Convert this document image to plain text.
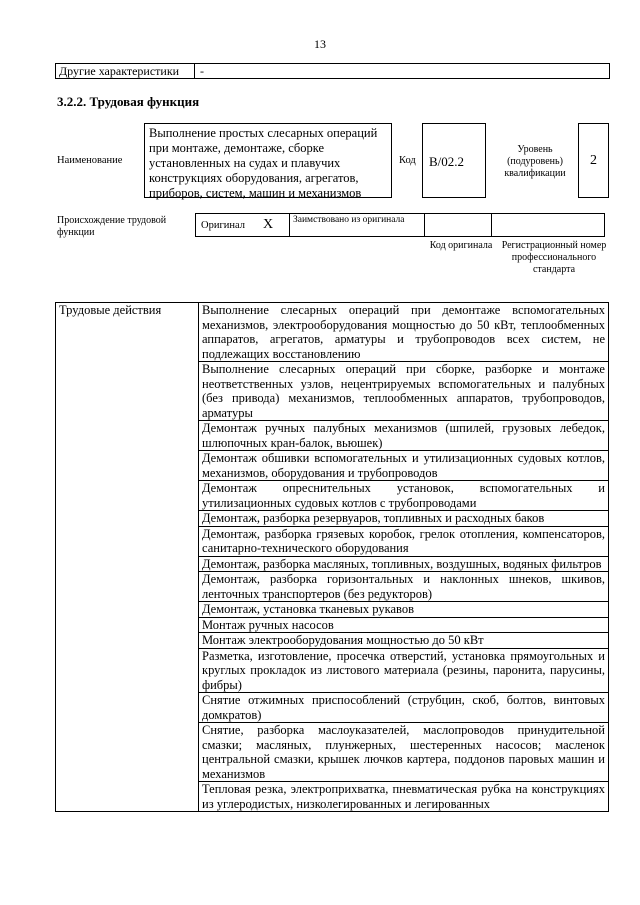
13
Другие характеристики	-
3.2.2. Трудовая функция
Наименование
Выполнение простых слесарных операций при монтаже, демонтаже, сборке установленных на судах и плавучих конструкциях оборудования, агрегатов, приборов, систем, машин и механизмов
Код	B/02.2
Уровень (подуровень) квалификации
2
Происхождение трудовой функции
Оригинал X	Заимствовано из оригинала
Код оригинала Регистрационный номер профессионального стандарта
Трудовые действия	Выполнение слесарных операций при демонтаже вспомогательных механизмов, электрооборудования мощностью до 50 кВт, теплообменных аппаратов, агрегатов, арматуры и трубопроводов всех систем, не подлежащих восстановлению
Выполнение слесарных операций при сборке, разборке и монтаже неответственных узлов, нецентрируемых вспомогательных и палубных (без привода) механизмов, теплообменных аппаратов, трубопроводов, арматуры
Демонтаж ручных палубных механизмов (шпилей, грузовых лебедок, шлюпочных кран-балок, вьюшек)
Демонтаж обшивки вспомогательных и утилизационных судовых котлов, механизмов, оборудования и трубопроводов
Демонтаж опреснительных установок, вспомогательных и утилизационных судовых котлов с трубопроводами
Демонтаж, разборка резервуаров, топливных и расходных баков
Демонтаж, разборка грязевых коробок, грелок отопления, компенсаторов, санитарно-технического оборудования
Демонтаж, разборка масляных, топливных, воздушных, водяных фильтров
Демонтаж, разборка горизонтальных и наклонных шнеков, шкивов, ленточных транспортеров (без редукторов)
Демонтаж, установка тканевых рукавов
Монтаж ручных насосов
Монтаж электрооборудования мощностью до 50 кВт
Разметка, изготовление, просечка отверстий, установка прямоугольных и круглых прокладок из листового материала (резины, паронита, парусины, фибры)
Снятие отжимных приспособлений (струбцин, скоб, болтов, винтовых домкратов)
Снятие, разборка маслоуказателей, маслопроводов принудительной смазки; масляных, плунжерных, шестеренных насосов; масленок центральной смазки, крышек лючков картера, поддонов паровых машин и механизмов
Тепловая резка, электроприхватка, пневматическая рубка на конструкциях из углеродистых, низколегированных и легированных
